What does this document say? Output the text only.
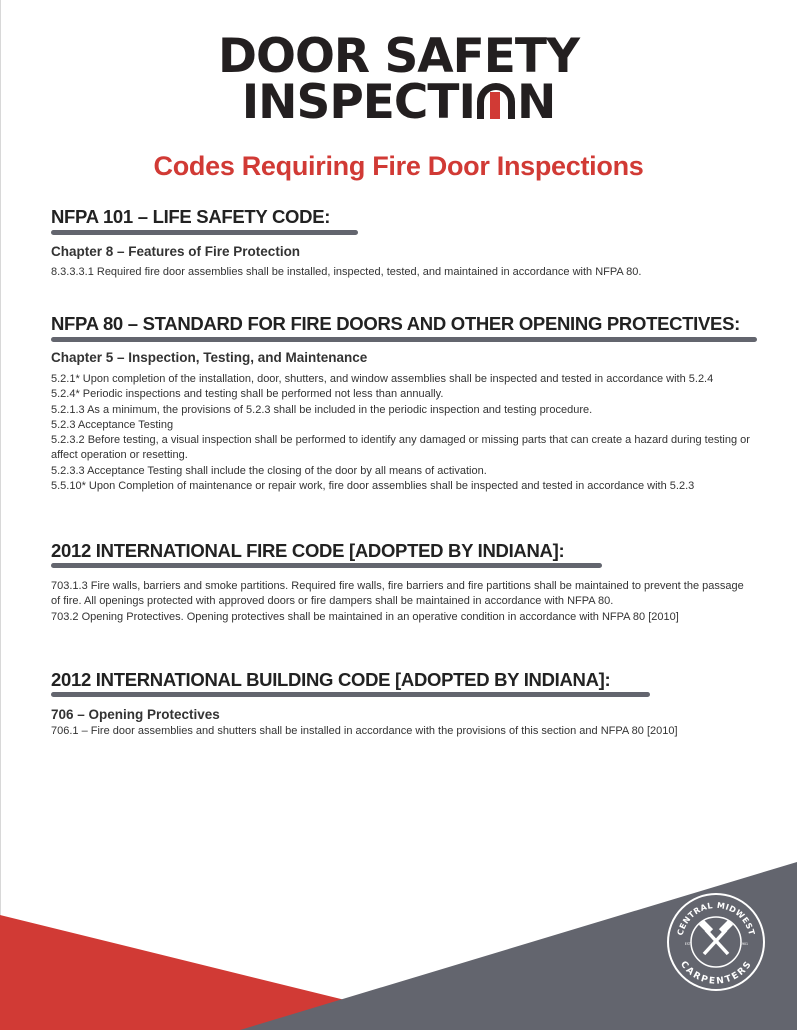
DOOR SAFETY
INSPECTI N
Codes Requiring Fire Door Inspections
NFPA 101 – LIFE SAFETY CODE:
Chapter 8 – Features of Fire Protection
8.3.3.3.1 Required fire door assemblies shall be installed, inspected, tested, and maintained in accordance with NFPA 80.
NFPA 80 – STANDARD FOR FIRE DOORS AND OTHER OPENING PROTECTIVES:
Chapter 5 – Inspection, Testing, and Maintenance
5.2.1* Upon completion of the installation, door, shutters, and window assemblies shall be inspected and tested in accordance with 5.2.4
5.2.4* Periodic inspections and testing shall be performed not less than annually.
5.2.1.3 As a minimum, the provisions of 5.2.3 shall be included in the periodic inspection and testing procedure.
5.2.3 Acceptance Testing
5.2.3.2 Before testing, a visual inspection shall be performed to identify any damaged or missing parts that can create a hazard during testing or affect operation or resetting.
5.2.3.3 Acceptance Testing shall include the closing of the door by all means of activation.
5.5.10* Upon Completion of maintenance or repair work, fire door assemblies shall be inspected and tested in accordance with 5.2.3
2012 INTERNATIONAL FIRE CODE [ADOPTED BY INDIANA]:
703.1.3 Fire walls, barriers and smoke partitions. Required fire walls, fire barriers and fire partitions shall be maintained to prevent the passage of fire. All openings protected with approved doors or fire dampers shall be maintained in accordance with NFPA 80.
703.2 Opening Protectives. Opening protectives shall be maintained in an operative condition in accordance with NFPA 80 [2010]
2012 INTERNATIONAL BUILDING CODE [ADOPTED BY INDIANA]:
706 – Opening Protectives
706.1 – Fire door assemblies and shutters shall be installed in accordance with the provisions of this section and NFPA 80 [2010]
CENTRAL MIDWEST
CARPENTERS
EST.	1901
